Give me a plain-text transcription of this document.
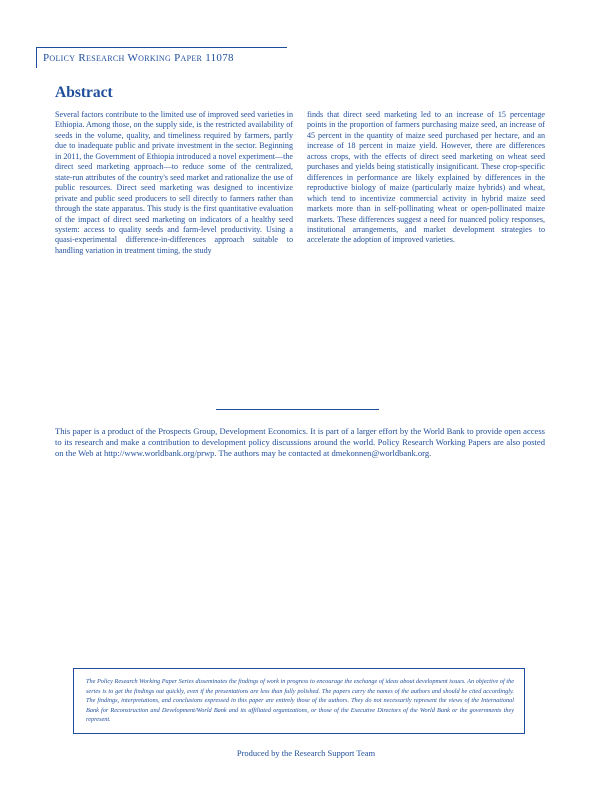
Policy Research Working Paper 11078
Abstract

Several factors contribute to the limited use of improved seed varieties in Ethiopia. Among those, on the supply side, is the restricted availability of seeds in the volume, quality, and timeliness required by farmers, partly due to inadequate public and private investment in the sector. Beginning in 2011, the Government of Ethiopia introduced a novel experiment—the direct seed marketing approach—to reduce some of the centralized, state-run attributes of the country's seed market and rationalize the use of public resources. Direct seed marketing was designed to incentivize private and public seed producers to sell directly to farmers rather than through the state apparatus. This study is the first quantitative evaluation of the impact of direct seed marketing on indicators of a healthy seed system: access to quality seeds and farm-level productivity. Using a quasi-experimental difference-in-differences approach suitable to handling variation in treatment timing, the study

finds that direct seed marketing led to an increase of 15 percentage points in the proportion of farmers purchasing maize seed, an increase of 45 percent in the quantity of maize seed purchased per hectare, and an increase of 18 percent in maize yield. However, there are differences across crops, with the effects of direct seed marketing on wheat seed purchases and yields being statistically insignificant. These crop-specific differences in performance are likely explained by differences in the reproductive biology of maize (particularly maize hybrids) and wheat, which tend to incentivize commercial activity in hybrid maize seed markets more than in self-pollinating wheat or open-pollinated maize markets. These differences suggest a need for nuanced policy responses, institutional arrangements, and market development strategies to accelerate the adoption of improved varieties.

This paper is a product of the Prospects Group, Development Economics. It is part of a larger effort by the World Bank to provide open access to its research and make a contribution to development policy discussions around the world. Policy Research Working Papers are also posted on the Web at http://www.worldbank.org/prwp. The authors may be contacted at dmekonnen@worldbank.org.

The Policy Research Working Paper Series disseminates the findings of work in progress to encourage the exchange of ideas about development issues. An objective of the series is to get the findings out quickly, even if the presentations are less than fully polished. The papers carry the names of the authors and should be cited accordingly. The findings, interpretations, and conclusions expressed in this paper are entirely those of the authors. They do not necessarily represent the views of the International Bank for Reconstruction and Development/World Bank and its affiliated organizations, or those of the Executive Directors of the World Bank or the governments they represent.

Produced by the Research Support Team
